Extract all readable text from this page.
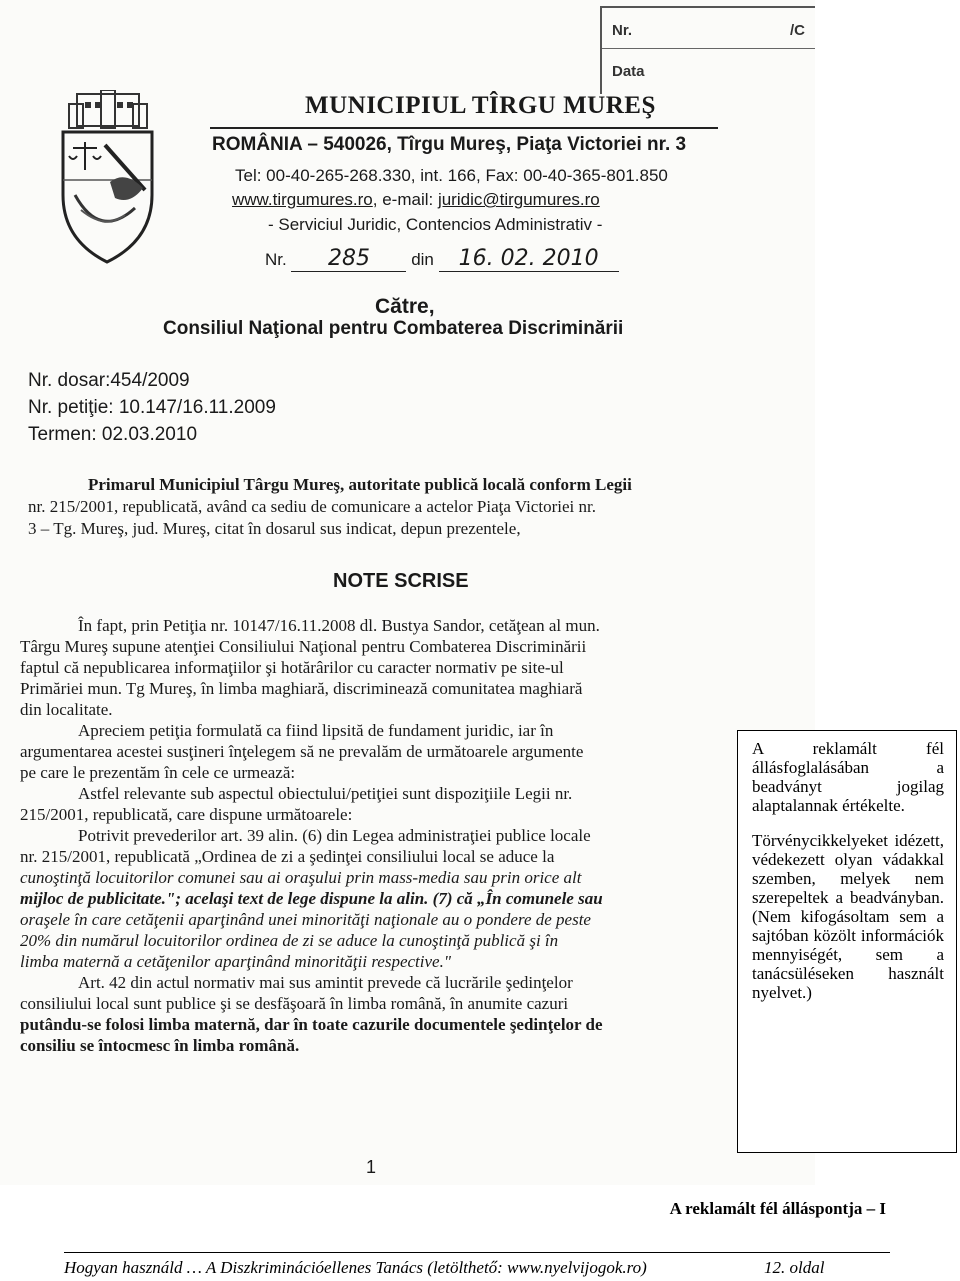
Nr.	/C
Data
MUNICIPIUL TÎRGU MUREŞ
ROMÂNIA – 540026, Tîrgu Mureş, Piaţa Victoriei nr. 3
Tel: 00-40-265-268.330, int. 166, Fax: 00-40-365-801.850
www.tirgumures.ro, e-mail: juridic@tirgumures.ro
- Serviciul Juridic, Contencios Administrativ -
Nr. 285 din 16. 02. 2010
Către,
Consiliul Naţional pentru Combaterea Discriminării
Nr. dosar:454/2009
Nr. petiţie: 10.147/16.11.2009
Termen: 02.03.2010
Primarul Municipiul Târgu Mureş, autoritate publică locală conform Legii
nr. 215/2001, republicată, având ca sediu de comunicare a actelor Piaţa Victoriei nr.
3 – Tg. Mureş, jud. Mureş, citat în dosarul sus indicat, depun prezentele,
NOTE SCRISE
În fapt, prin Petiţia nr. 10147/16.11.2008 dl. Bustya Sandor, cetăţean al mun.
Târgu Mureş supune atenţiei Consiliului Naţional pentru Combaterea Discriminării
faptul că nepublicarea informaţiilor şi hotărârilor cu caracter normativ pe site-ul
Primăriei mun. Tg Mureş, în limba maghiară, discriminează comunitatea maghiară
din localitate.
Apreciem petiţia formulată ca fiind lipsită de fundament juridic, iar în
argumentarea acestei susţineri înţelegem să ne prevalăm de următoarele argumente
pe care le prezentăm în cele ce urmează:
Astfel relevante sub aspectul obiectului/petiţiei sunt dispoziţiile Legii nr.
215/2001, republicată, care dispune următoarele:
Potrivit prevederilor art. 39 alin. (6) din Legea administraţiei publice locale
nr. 215/2001, republicată „Ordinea de zi a şedinţei consiliului local se aduce la
cunoştinţă locuitorilor comunei sau ai oraşului prin mass-media sau prin orice alt
mijloc de publicitate."; acelaşi text de lege dispune la alin. (7) că „În comunele sau
oraşele în care cetăţenii aparţinând unei minorităţi naţionale au o pondere de peste
20% din numărul locuitorilor ordinea de zi se aduce la cunoştinţă publică şi în
limba maternă a cetăţenilor aparţinând minorităţii respective."
Art. 42 din actul normativ mai sus amintit prevede că lucrările şedinţelor
consiliului local sunt publice şi se desfăşoară în limba română, în anumite cazuri
putându-se folosi limba maternă, dar în toate cazurile documentele şedinţelor de
consiliu se întocmesc în limba română.
1

A reklamált fél állásfoglalásában a beadványt jogilag alaptalannak értékelte.

Törvénycikkelyeket idézett, védekezett olyan vádakkal szemben, melyek nem szerepeltek a beadványban. (Nem kifogásoltam sem a sajtóban közölt információk mennyiségét, sem a tanácsüléseken használt nyelvet.)

A reklamált fél álláspontja – I
Hogyan használd … A Diszkriminációellenes Tanács (letölthető: www.nyelvijogok.ro)	12. oldal
